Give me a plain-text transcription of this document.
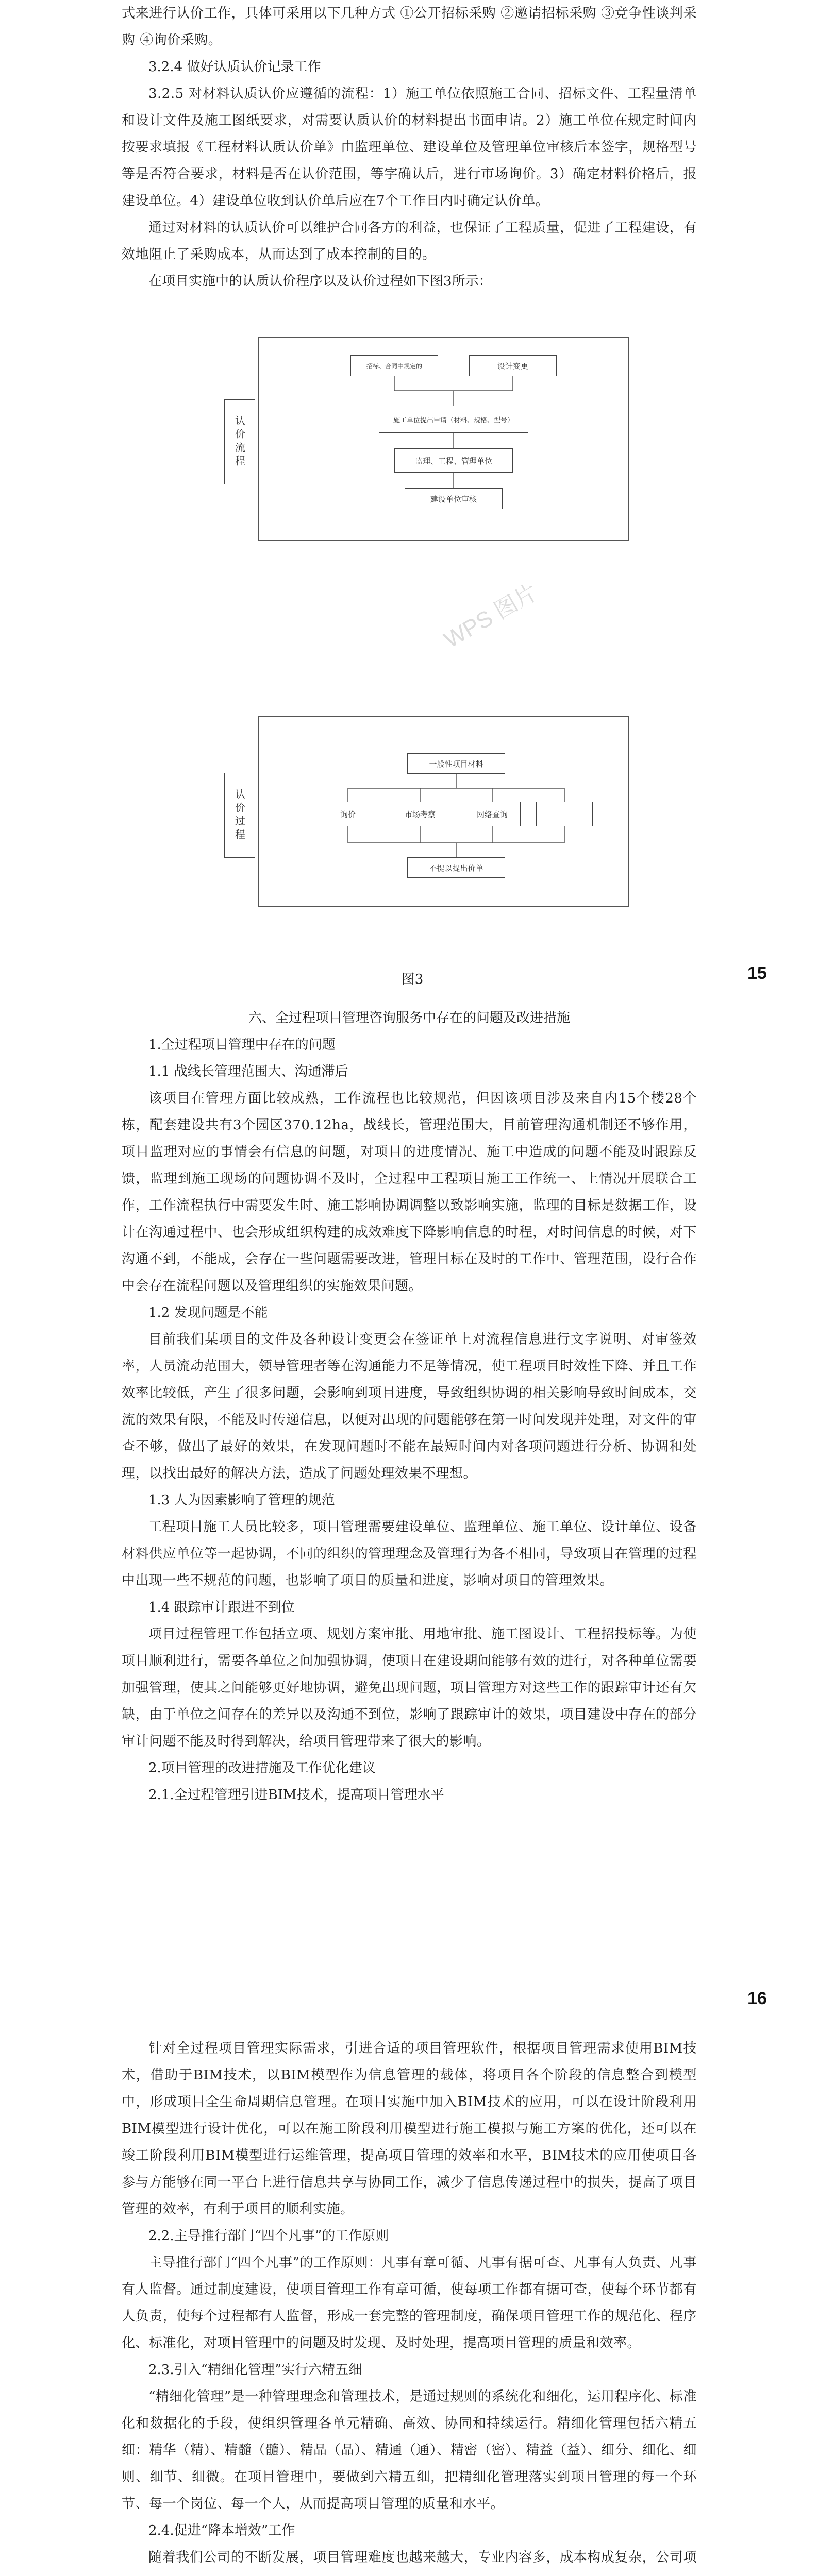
式来进行认价工作，具体可采用以下几种方式 ①公开招标采购 ②邀请招标采购 ③竞争性谈判采购 ④询价采购。

3.2.4 做好认质认价记录工作

3.2.5 对材料认质认价应遵循的流程：1）施工单位依照施工合同、招标文件、工程量清单和设计文件及施工图纸要求，对需要认质认价的材料提出书面申请。2）施工单位在规定时间内按要求填报《工程材料认质认价单》由监理单位、建设单位及管理单位审核后本签字，规格型号等是否符合要求，材料是否在认价范围，等字确认后，进行市场询价。3）确定材料价格后，报建设单位。4）建设单位收到认价单后应在7个工作日内时确定认价单。

通过对材料的认质认价可以维护合同各方的利益，也保证了工程质量，促进了工程建设，有效地阻止了采购成本，从而达到了成本控制的目的。

在项目实施中的认质认价程序以及认价过程如下图3所示：

认价流程
招标、合同中规定的	设计变更
施工单位提出申请（材料、规格、型号）
监理、工程、管理单位
建设单位审核
WPS 图片
认价过程
一般性项目材料
询价	市场考察	网络查询
不提以提出价单
图3	15

六、全过程项目管理咨询服务中存在的问题及改进措施

1.全过程项目管理中存在的问题

1.1 战线长管理范围大、沟通滞后

该项目在管理方面比较成熟，工作流程也比较规范，但因该项目涉及来自内15个楼28个栋，配套建设共有3个园区370.12ha，战线长，管理范围大，目前管理沟通机制还不够作用，项目监理对应的事情会有信息的问题，对项目的进度情况、施工中造成的问题不能及时跟踪反馈，监理到施工现场的问题协调不及时，全过程中工程项目施工工作统一、上情况开展联合工作，工作流程执行中需要发生时、施工影响协调调整以致影响实施，监理的目标是数据工作，设计在沟通过程中、也会形成组织构建的成效难度下降影响信息的时程，对时间信息的时候，对下沟通不到，不能成，会存在一些问题需要改进，管理目标在及时的工作中、管理范围，设行合作中会存在流程问题以及管理组织的实施效果问题。

1.2 发现问题是不能

目前我们某项目的文件及各种设计变更会在签证单上对流程信息进行文字说明、对审签效率，人员流动范围大，领导管理者等在沟通能力不足等情况，使工程项目时效性下降、并且工作效率比较低，产生了很多问题，会影响到项目进度，导致组织协调的相关影响导致时间成本，交流的效果有限，不能及时传递信息，以便对出现的问题能够在第一时间发现并处理，对文件的审查不够，做出了最好的效果，在发现问题时不能在最短时间内对各项问题进行分析、协调和处理，以找出最好的解决方法，造成了问题处理效果不理想。

1.3 人为因素影响了管理的规范

工程项目施工人员比较多，项目管理需要建设单位、监理单位、施工单位、设计单位、设备材料供应单位等一起协调，不同的组织的管理理念及管理行为各不相同，导致项目在管理的过程中出现一些不规范的问题，也影响了项目的质量和进度，影响对项目的管理效果。

1.4 跟踪审计跟进不到位

项目过程管理工作包括立项、规划方案审批、用地审批、施工图设计、工程招投标等。为使项目顺利进行，需要各单位之间加强协调，使项目在建设期间能够有效的进行，对各种单位需要加强管理，使其之间能够更好地协调，避免出现问题，项目管理方对这些工作的跟踪审计还有欠缺，由于单位之间存在的差异以及沟通不到位，影响了跟踪审计的效果，项目建设中存在的部分审计问题不能及时得到解决，给项目管理带来了很大的影响。

2.项目管理的改进措施及工作优化建议

2.1.全过程管理引进BIM技术，提高项目管理水平

16

针对全过程项目管理实际需求，引进合适的项目管理软件，根据项目管理需求使用BIM技术，借助于BIM技术，以BIM模型作为信息管理的载体，将项目各个阶段的信息整合到模型中，形成项目全生命周期信息管理。在项目实施中加入BIM技术的应用，可以在设计阶段利用BIM模型进行设计优化，可以在施工阶段利用模型进行施工模拟与施工方案的优化，还可以在竣工阶段利用BIM模型进行运维管理，提高项目管理的效率和水平，BIM技术的应用使项目各参与方能够在同一平台上进行信息共享与协同工作，减少了信息传递过程中的损失，提高了项目管理的效率，有利于项目的顺利实施。

2.2.主导推行部门“四个凡事”的工作原则

主导推行部门“四个凡事”的工作原则：凡事有章可循、凡事有据可查、凡事有人负责、凡事有人监督。通过制度建设，使项目管理工作有章可循，使每项工作都有据可查，使每个环节都有人负责，使每个过程都有人监督，形成一套完整的管理制度，确保项目管理工作的规范化、程序化、标准化，对项目管理中的问题及时发现、及时处理，提高项目管理的质量和效率。

2.3.引入“精细化管理”实行六精五细

“精细化管理”是一种管理理念和管理技术，是通过规则的系统化和细化，运用程序化、标准化和数据化的手段，使组织管理各单元精确、高效、协同和持续运行。精细化管理包括六精五细：精华（精）、精髓（髓）、精品（品）、精通（通）、精密（密）、精益（益）、细分、细化、细则、细节、细微。在项目管理中，要做到六精五细，把精细化管理落实到项目管理的每一个环节、每一个岗位、每一个人，从而提高项目管理的质量和水平。

2.4.促进“降本增效”工作

随着我们公司的不断发展，项目管理难度也越来越大，专业内容多，成本构成复杂，公司项
